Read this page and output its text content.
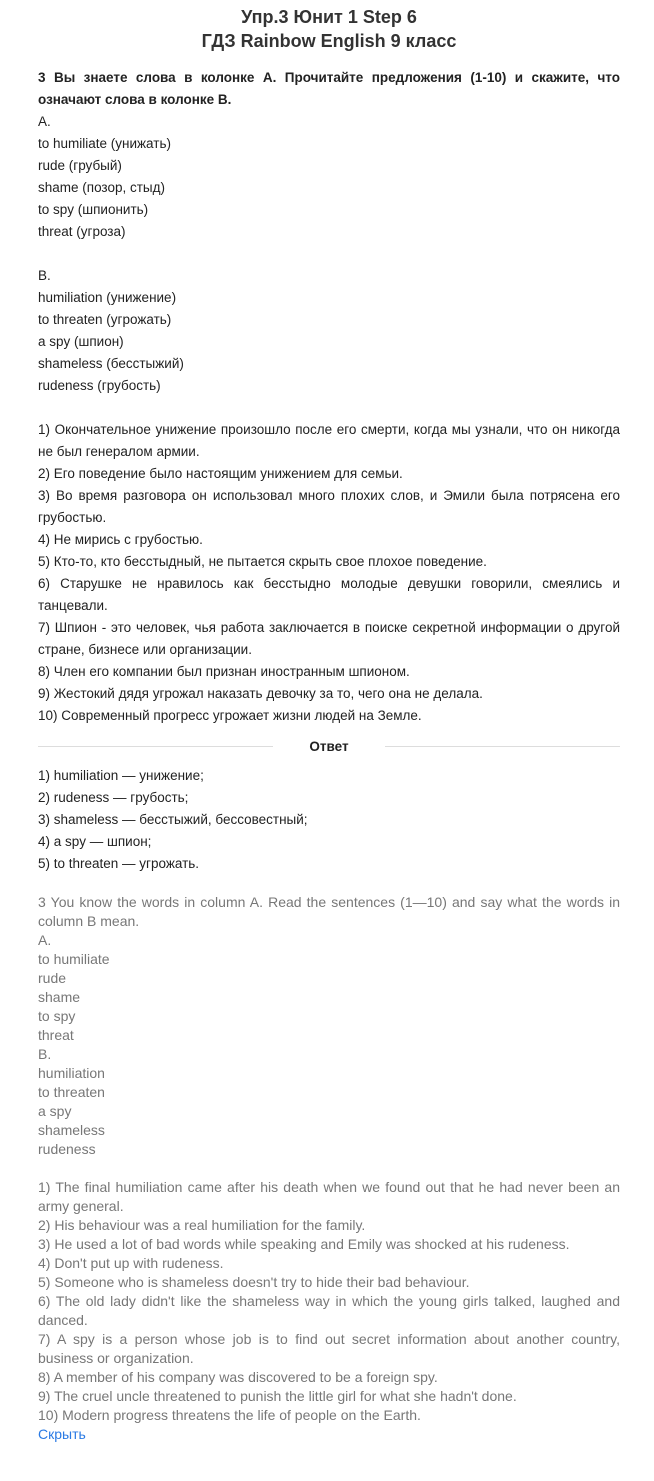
Упр.3 Юнит 1 Step 6
ГДЗ Rainbow English 9 класс
3 Вы знаете слова в колонке А. Прочитайте предложения (1-10) и скажите, что означают слова в колонке В.
A.
to humiliate (унижать)
rude (грубый)
shame (позор, стыд)
to spy (шпионить)
threat (угроза)
B.
humiliation (унижение)
to threaten (угрожать)
a spy (шпион)
shameless (бесстыжий)
rudeness (грубость)
1) Окончательное унижение произошло после его смерти, когда мы узнали, что он никогда не был генералом армии.
2) Его поведение было настоящим унижением для семьи.
3) Во время разговора он использовал много плохих слов, и Эмили была потрясена его грубостью.
4) Не мирись с грубостью.
5) Кто-то, кто бесстыдный, не пытается скрыть свое плохое поведение.
6) Старушке не нравилось как бесстыдно молодые девушки говорили, смеялись и танцевали.
7) Шпион - это человек, чья работа заключается в поиске секретной информации о другой стране, бизнесе или организации.
8) Член его компании был признан иностранным шпионом.
9) Жестокий дядя угрожал наказать девочку за то, чего она не делала.
10) Современный прогресс угрожает жизни людей на Земле.
Ответ
1) humiliation — унижение;
2) rudeness — грубость;
3) shameless — бесстыжий, бессовестный;
4) a spy — шпион;
5) to threaten — угрожать.
3 You know the words in column A. Read the sentences (1—10) and say what the words in column B mean.
A.
to humiliate
rude
shame
to spy
threat
B.
humiliation
to threaten
a spy
shameless
rudeness
1) The final humiliation came after his death when we found out that he had never been an army general.
2) His behaviour was a real humiliation for the family.
3) He used a lot of bad words while speaking and Emily was shocked at his rudeness.
4) Don't put up with rudeness.
5) Someone who is shameless doesn't try to hide their bad behaviour.
6) The old lady didn't like the shameless way in which the young girls talked, laughed and danced.
7) A spy is a person whose job is to find out secret information about another country, business or organization.
8) A member of his company was discovered to be a foreign spy.
9) The cruel uncle threatened to punish the little girl for what she hadn't done.
10) Modern progress threatens the life of people on the Earth.
Скрыть
